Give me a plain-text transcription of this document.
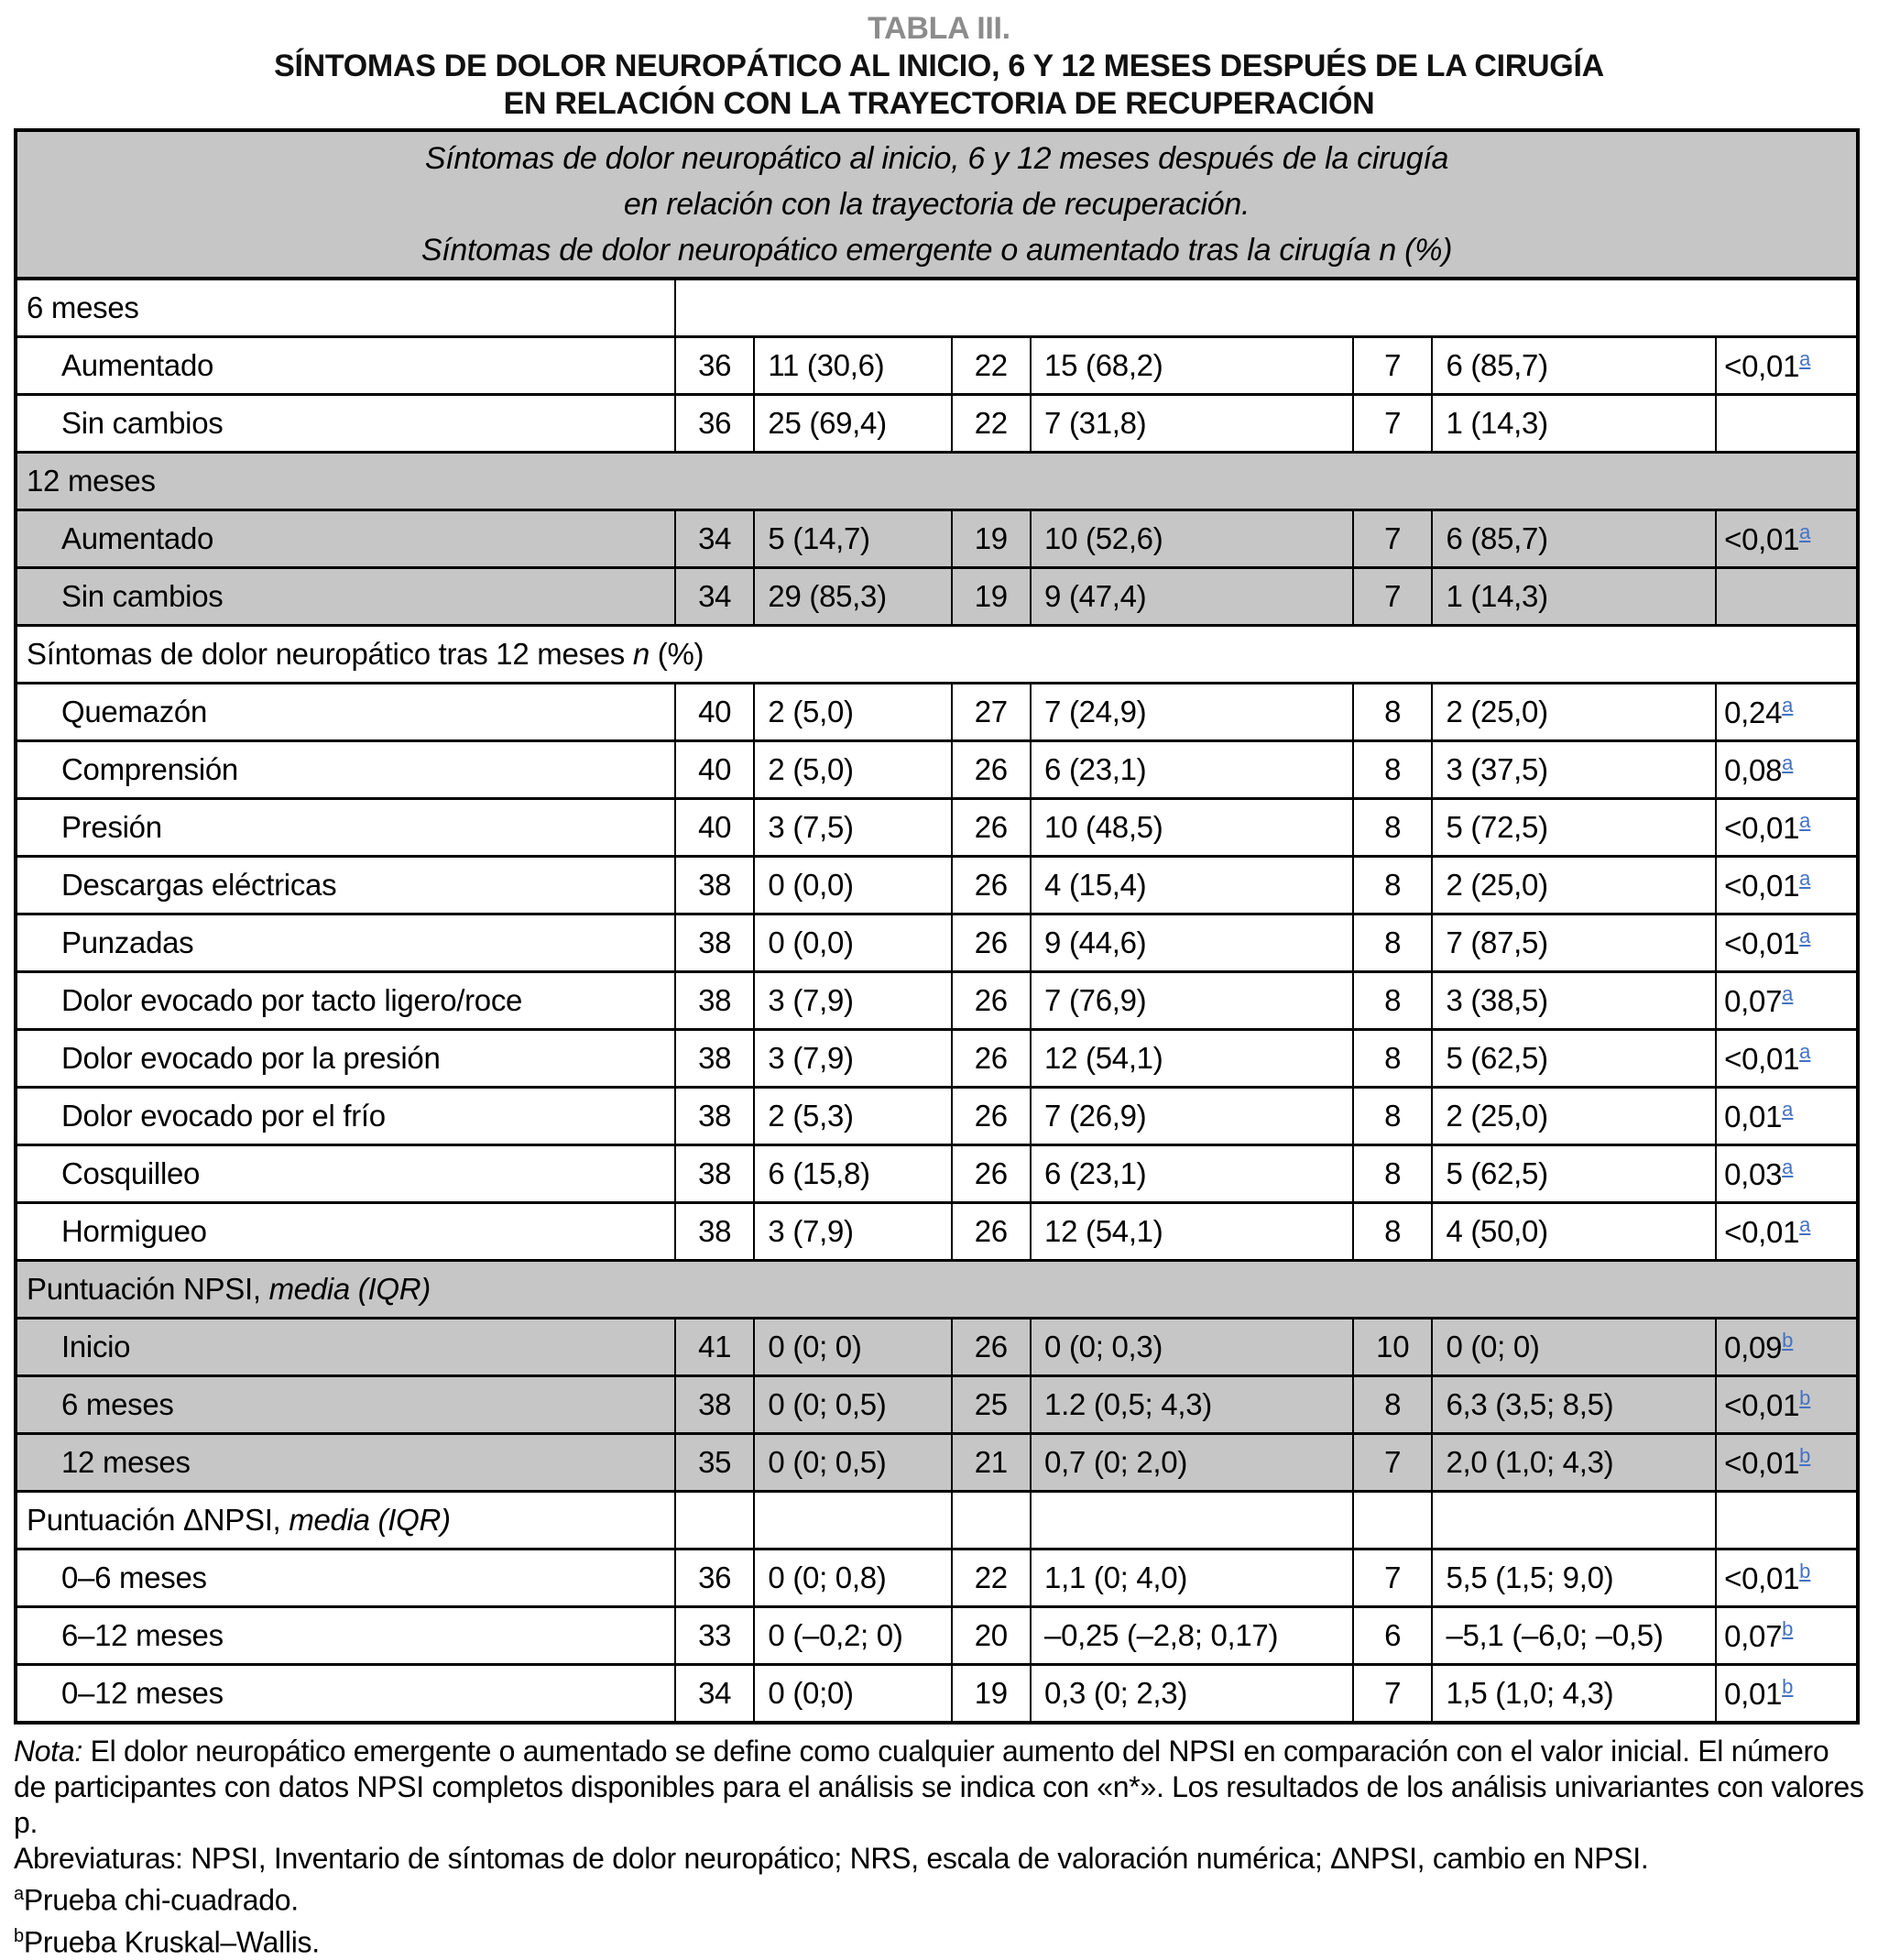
TABLA III.
SÍNTOMAS DE DOLOR NEUROPÁTICO AL INICIO, 6 Y 12 MESES DESPUÉS DE LA CIRUGÍA
EN RELACIÓN CON LA TRAYECTORIA DE RECUPERACIÓN
Síntomas de dolor neuropático al inicio, 6 y 12 meses después de la cirugía
en relación con la trayectoria de recuperación.
Síntomas de dolor neuropático emergente o aumentado tras la cirugía n (%)							

6 meses							
Aumentado	36	11 (30,6)	22	15 (68,2)	7	6 (85,7)	<0,01$^a$
Sin cambios	36	25 (69,4)	22	7 (31,8)	7	1 (14,3)	
12 meses							
Aumentado	34	5 (14,7)	19	10 (52,6)	7	6 (85,7)	<0,01$^a$
Sin cambios	34	29 (85,3)	19	9 (47,4)	7	1 (14,3)	
Síntomas de dolor neuropático tras 12 meses n (%)							
Quemazón	40	2 (5,0)	27	7 (24,9)	8	2 (25,0)	0,24$^a$
Comprensión	40	2 (5,0)	26	6 (23,1)	8	3 (37,5)	0,08$^a$
Presión	40	3 (7,5)	26	10 (48,5)	8	5 (72,5)	<0,01$^a$
Descargas eléctricas	38	0 (0,0)	26	4 (15,4)	8	2 (25,0)	<0,01$^a$
Punzadas	38	0 (0,0)	26	9 (44,6)	8	7 (87,5)	<0,01$^a$
Dolor evocado por tacto ligero/roce	38	3 (7,9)	26	7 (76,9)	8	3 (38,5)	0,07$^a$
Dolor evocado por la presión	38	3 (7,9)	26	12 (54,1)	8	5 (62,5)	<0,01$^a$
Dolor evocado por el frío	38	2 (5,3)	26	7 (26,9)	8	2 (25,0)	0,01$^a$
Cosquilleo	38	6 (15,8)	26	6 (23,1)	8	5 (62,5)	0,03$^a$
Hormigueo	38	3 (7,9)	26	12 (54,1)	8	4 (50,0)	<0,01$^a$
Puntuación NPSI, media (IQR)							
Inicio	41	0 (0; 0)	26	0 (0; 0,3)	10	0 (0; 0)	0,09$^b$
6 meses	38	0 (0; 0,5)	25	1.2 (0,5; 4,3)	8	6,3 (3,5; 8,5)	<0,01$^b$
12 meses	35	0 (0; 0,5)	21	0,7 (0; 2,0)	7	2,0 (1,0; 4,3)	<0,01$^b$
Puntuación ΔNPSI, media (IQR)							
0–6 meses	36	0 (0; 0,8)	22	1,1 (0; 4,0)	7	5,5 (1,5; 9,0)	<0,01$^b$
6–12 meses	33	0 (–0,2; 0)	20	–0,25 (–2,8; 0,17)	6	–5,1 (–6,0; –0,5)	0,07$^b$
0–12 meses	34	0 (0;0)	19	0,3 (0; 2,3)	7	1,5 (1,0; 4,3)	0,01$^b$

Nota: El dolor neuropático emergente o aumentado se define como cualquier aumento del NPSI en comparación con el valor inicial. El número de participantes con datos NPSI completos disponibles para el análisis se indica con «n*». Los resultados de los análisis univariantes con valores p.

Abreviaturas: NPSI, Inventario de síntomas de dolor neuropático; NRS, escala de valoración numérica; ΔNPSI, cambio en NPSI.

$^a$Prueba chi-cuadrado.

$^b$Prueba Kruskal–Wallis.
